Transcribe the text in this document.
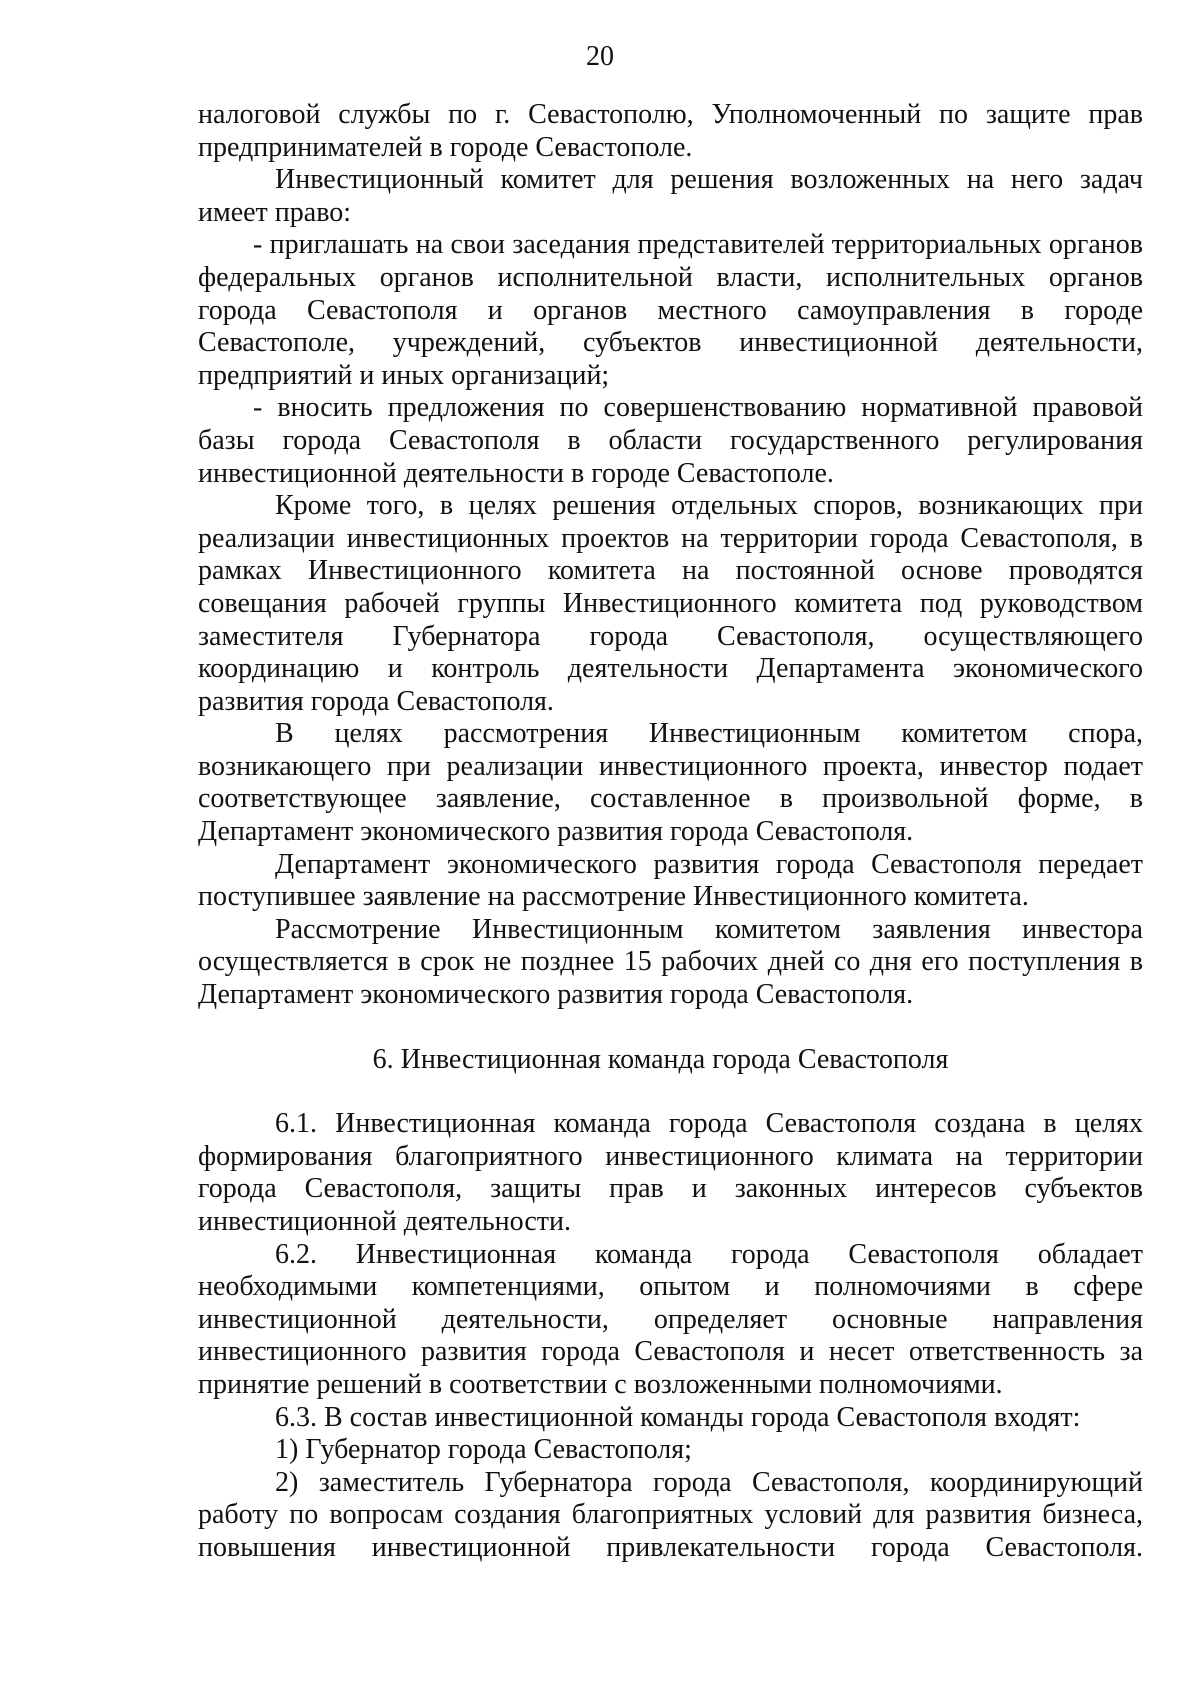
20

налоговой службы по г. Севастополю, Уполномоченный по защите прав предпринимателей в городе Севастополе.

Инвестиционный комитет для решения возложенных на него задач имеет право:

- приглашать на свои заседания представителей территориальных органов федеральных органов исполнительной власти, исполнительных органов города Севастополя и органов местного самоуправления в городе Севастополе, учреждений, субъектов инвестиционной деятельности, предприятий и иных организаций;

- вносить предложения по совершенствованию нормативной правовой базы города Севастополя в области государственного регулирования инвестиционной деятельности в городе Севастополе.

Кроме того, в целях решения отдельных споров, возникающих при реализации инвестиционных проектов на территории города Севастополя, в рамках Инвестиционного комитета на постоянной основе проводятся совещания рабочей группы Инвестиционного комитета под руководством заместителя Губернатора города Севастополя, осуществляющего координацию и контроль деятельности Департамента экономического развития города Севастополя.

В целях рассмотрения Инвестиционным комитетом спора, возникающего при реализации инвестиционного проекта, инвестор подает соответствующее заявление, составленное в произвольной форме, в Департамент экономического развития города Севастополя.

Департамент экономического развития города Севастополя передает поступившее заявление на рассмотрение Инвестиционного комитета.

Рассмотрение Инвестиционным комитетом заявления инвестора осуществляется в срок не позднее 15 рабочих дней со дня его поступления в Департамент экономического развития города Севастополя.

6. Инвестиционная команда города Севастополя

6.1. Инвестиционная команда города Севастополя создана в целях формирования благоприятного инвестиционного климата на территории города Севастополя, защиты прав и законных интересов субъектов инвестиционной деятельности.

6.2. Инвестиционная команда города Севастополя обладает необходимыми компетенциями, опытом и полномочиями в сфере инвестиционной деятельности, определяет основные направления инвестиционного развития города Севастополя и несет ответственность за принятие решений в соответствии с возложенными полномочиями.

6.3. В состав инвестиционной команды города Севастополя входят:

1) Губернатор города Севастополя;

2) заместитель Губернатора города Севастополя, координирующий работу по вопросам создания благоприятных условий для развития бизнеса, повышения инвестиционной привлекательности города Севастополя.
